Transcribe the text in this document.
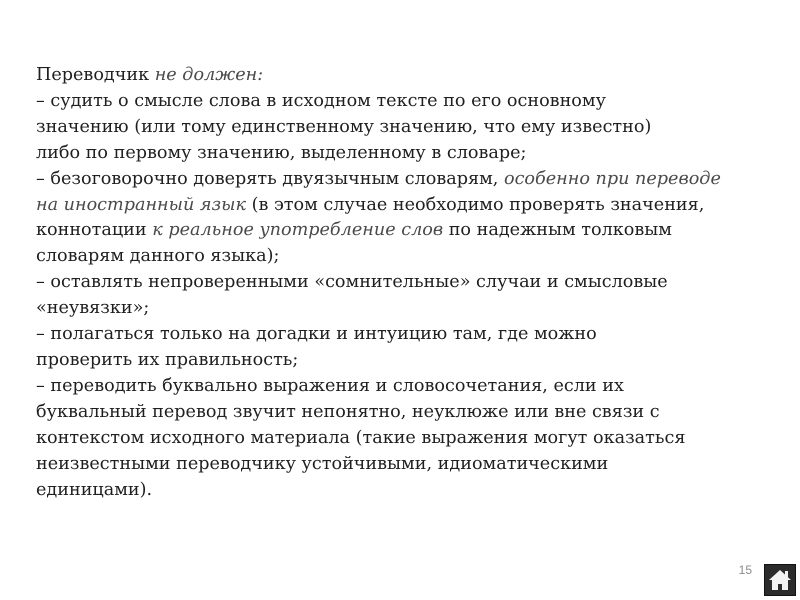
Переводчик не должен:
– судить о смысле слова в исходном тексте по его основному
значению (или тому единственному значению, что ему известно)
либо по первому значению, выделенному в словаре;
– безоговорочно доверять двуязычным словарям, особенно при переводе
на иностранный язык (в этом случае необходимо проверять значения,
коннотации к реальное употребление слов по надежным толковым
словарям данного языка);
– оставлять непроверенными «сомнительные» случаи и смысловые
«неувязки»;
– полагаться только на догадки и интуицию там, где можно
проверить их правильность;
– переводить буквально выражения и словосочетания, если их
буквальный перевод звучит непонятно, неуклюже или вне связи с
контекстом исходного материала (такие выражения могут оказаться
неизвестными переводчику устойчивыми, идиоматическими
единицами).
15
